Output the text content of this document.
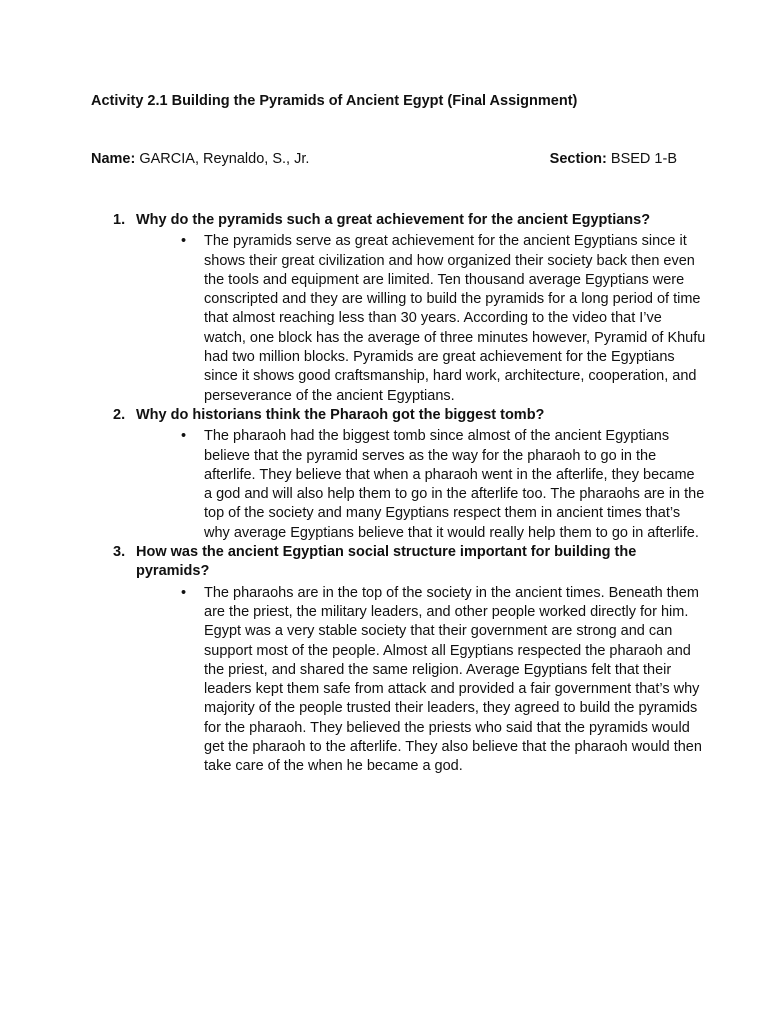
Activity 2.1 Building the Pyramids of Ancient Egypt (Final Assignment)
Name: GARCIA, Reynaldo, S., Jr.	Section: BSED 1-B
1. Why do the pyramids such a great achievement for the ancient Egyptians?
• The pyramids serve as great achievement for the ancient Egyptians since it shows their great civilization and how organized their society back then even the tools and equipment are limited. Ten thousand average Egyptians were conscripted and they are willing to build the pyramids for a long period of time that almost reaching less than 30 years. According to the video that I’ve watch, one block has the average of three minutes however, Pyramid of Khufu had two million blocks. Pyramids are great achievement for the Egyptians since it shows good craftsmanship, hard work, architecture, cooperation, and perseverance of the ancient Egyptians.
2. Why do historians think the Pharaoh got the biggest tomb?
• The pharaoh had the biggest tomb since almost of the ancient Egyptians believe that the pyramid serves as the way for the pharaoh to go in the afterlife. They believe that when a pharaoh went in the afterlife, they became a god and will also help them to go in the afterlife too. The pharaohs are in the top of the society and many Egyptians respect them in ancient times that’s why average Egyptians believe that it would really help them to go in afterlife.
3. How was the ancient Egyptian social structure important for building the pyramids?
• The pharaohs are in the top of the society in the ancient times. Beneath them are the priest, the military leaders, and other people worked directly for him. Egypt was a very stable society that their government are strong and can support most of the people. Almost all Egyptians respected the pharaoh and the priest, and shared the same religion. Average Egyptians felt that their leaders kept them safe from attack and provided a fair government that’s why majority of the people trusted their leaders, they agreed to build the pyramids for the pharaoh. They believed the priests who said that the pyramids would get the pharaoh to the afterlife. They also believe that the pharaoh would then take care of the when he became a god.
